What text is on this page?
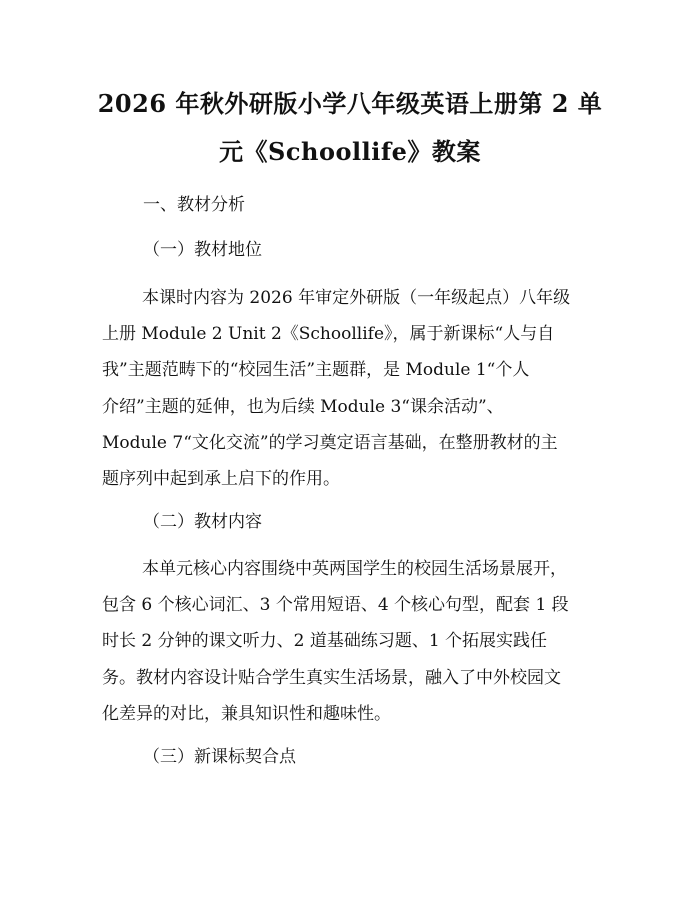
2026 年秋外研版小学八年级英语上册第 2 单
元《Schoollife》教案

一、教材分析

（一）教材地位

本课时内容为 2026 年审定外研版（一年级起点）八年级
上册 Module 2 Unit 2《Schoollife》，属于新课标“人与自
我”主题范畴下的“校园生活”主题群，是 Module 1“个人
介绍”主题的延伸，也为后续 Module 3“课余活动”、
Module 7“文化交流”的学习奠定语言基础，在整册教材的主
题序列中起到承上启下的作用。

（二）教材内容

本单元核心内容围绕中英两国学生的校园生活场景展开，
包含 6 个核心词汇、3 个常用短语、4 个核心句型，配套 1 段
时长 2 分钟的课文听力、2 道基础练习题、1 个拓展实践任
务。教材内容设计贴合学生真实生活场景，融入了中外校园文
化差异的对比，兼具知识性和趣味性。

（三）新课标契合点
